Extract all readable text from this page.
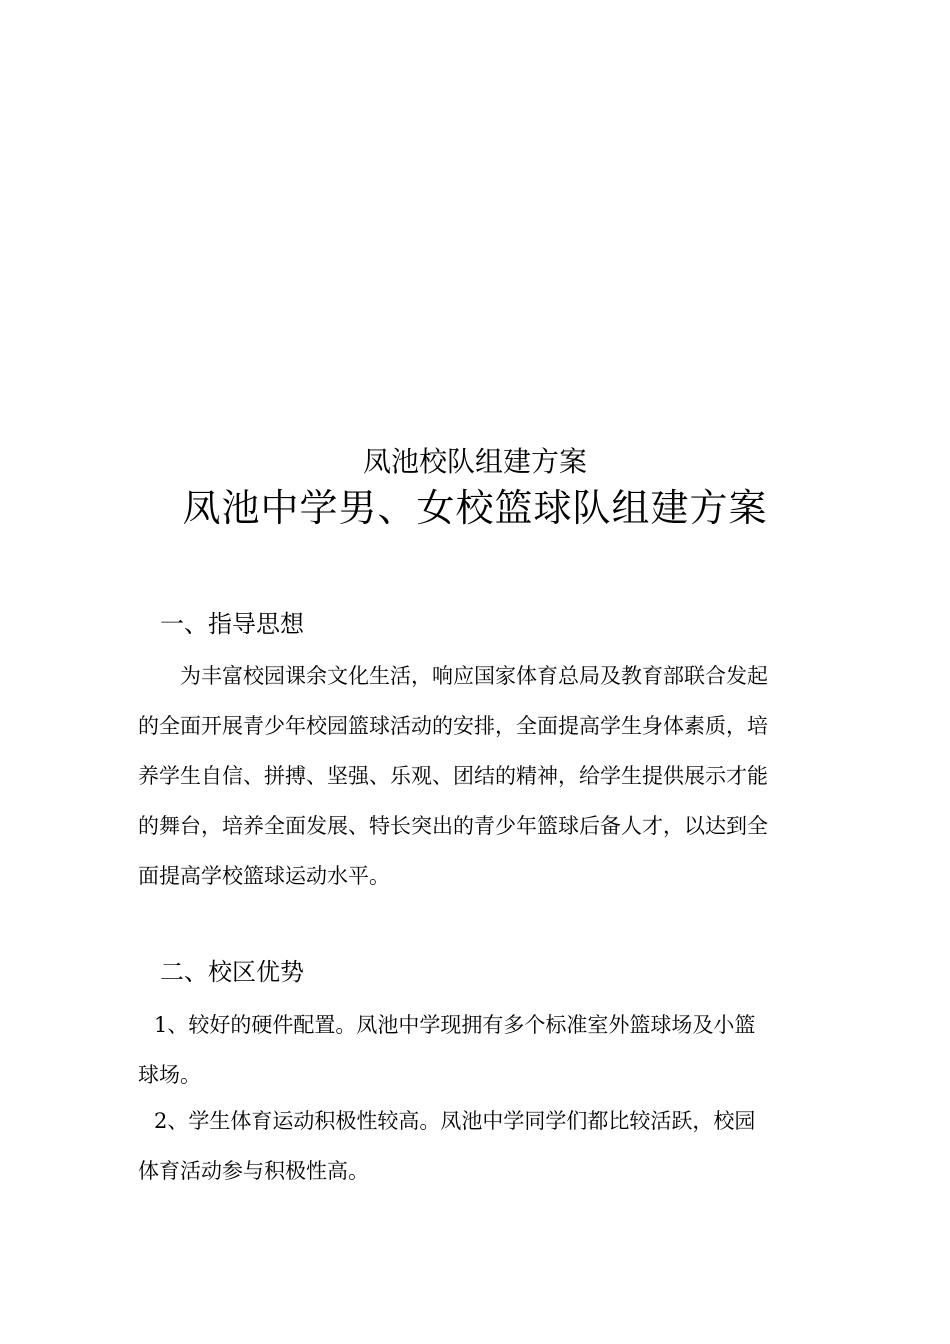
凤池校队组建方案
凤池中学男、女校篮球队组建方案
一、指导思想
　为丰富校园课余文化生活，响应国家体育总局及教育部联合发起
的全面开展青少年校园篮球活动的安排，全面提高学生身体素质，培
养学生自信、拼搏、坚强、乐观、团结的精神，给学生提供展示才能
的舞台，培养全面发展、特长突出的青少年篮球后备人才，以达到全
面提高学校篮球运动水平。
二、校区优势
1、较好的硬件配置。凤池中学现拥有多个标准室外篮球场及小篮
球场。
2、学生体育运动积极性较高。凤池中学同学们都比较活跃，校园
体育活动参与积极性高。
